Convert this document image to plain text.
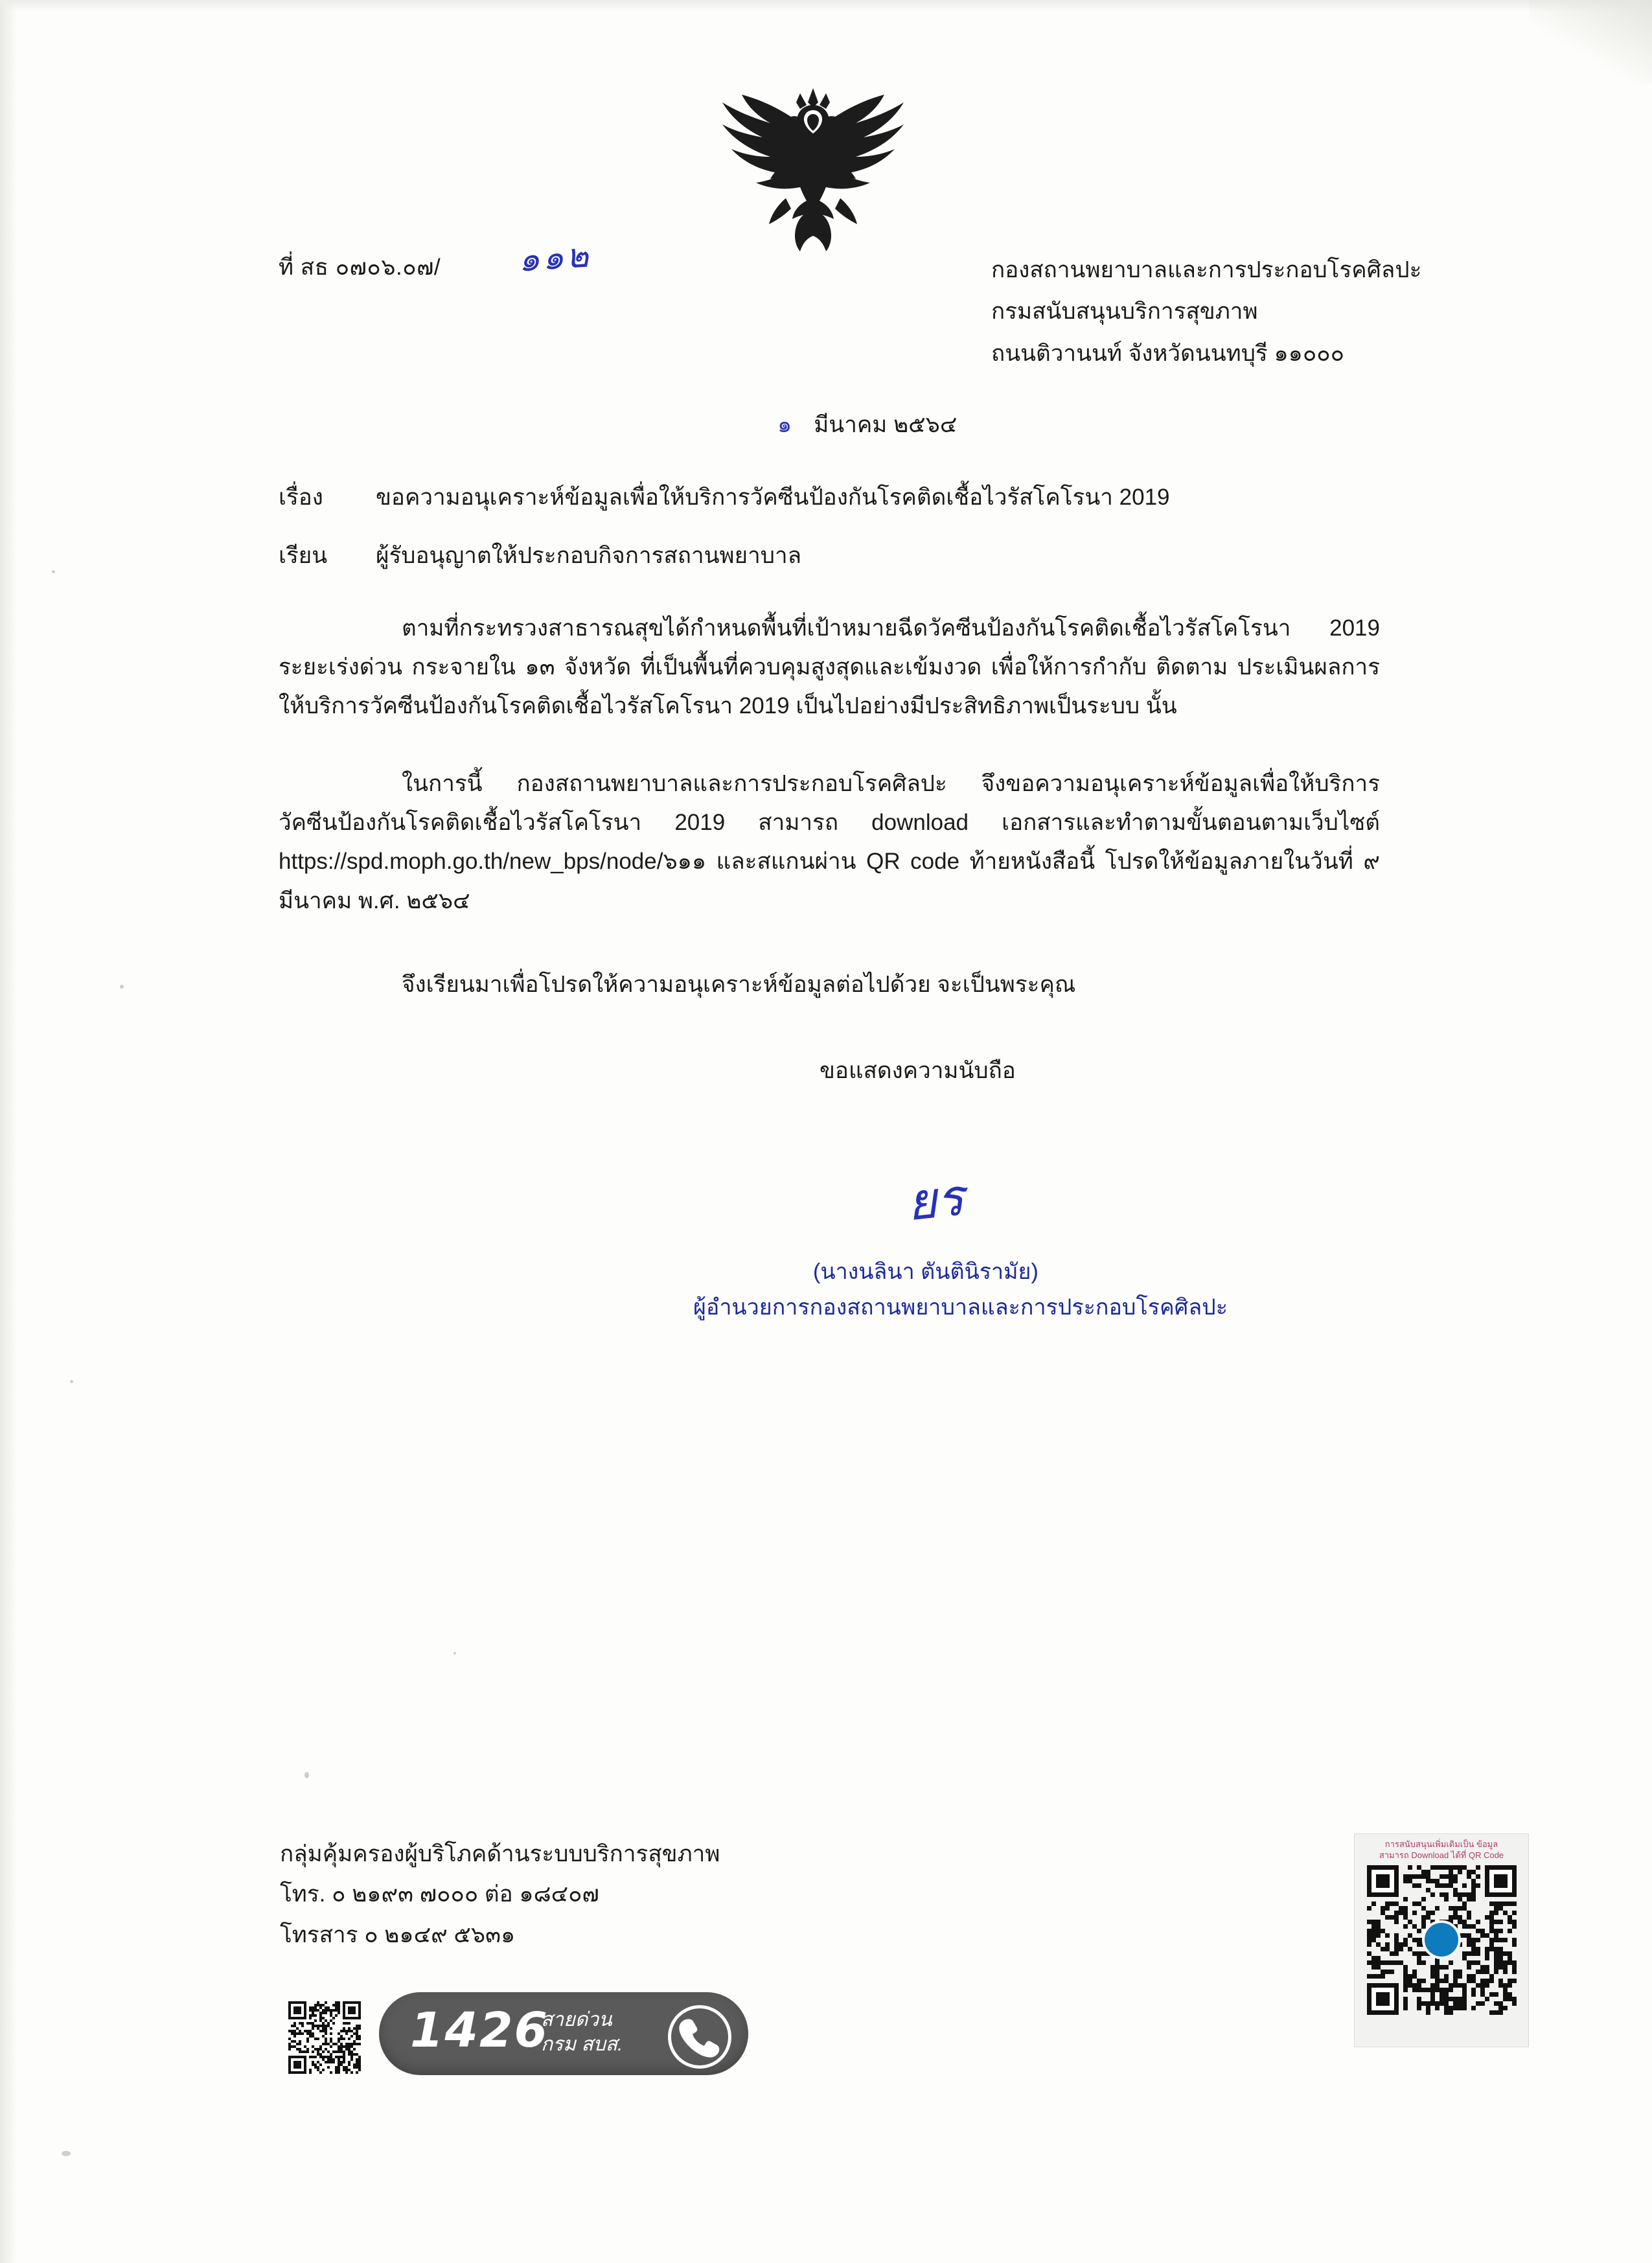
ที่ สธ ๐๗๐๖.๐๗/ ๑๑๒	กองสถานพยาบาลและการประกอบโรคศิลปะ
กรมสนับสนุนบริการสุขภาพ
ถนนติวานนท์ จังหวัดนนทบุรี ๑๑๐๐๐
๑ มีนาคม ๒๕๖๔
เรื่อง ขอความอนุเคราะห์ข้อมูลเพื่อให้บริการวัคซีนป้องกันโรคติดเชื้อไวรัสโคโรนา 2019
เรียน ผู้รับอนุญาตให้ประกอบกิจการสถานพยาบาล
ตามที่กระทรวงสาธารณสุขได้กำหนดพื้นที่เป้าหมายฉีดวัคซีนป้องกันโรคติดเชื้อไวรัสโคโรนา 2019 ระยะเร่งด่วน กระจายใน ๑๓ จังหวัด ที่เป็นพื้นที่ควบคุมสูงสุดและเข้มงวด เพื่อให้การกำกับ ติดตาม ประเมินผลการให้บริการวัคซีนป้องกันโรคติดเชื้อไวรัสโคโรนา 2019 เป็นไปอย่างมีประสิทธิภาพเป็นระบบ นั้น
ในการนี้ กองสถานพยาบาลและการประกอบโรคศิลปะ จึงขอความอนุเคราะห์ข้อมูลเพื่อให้บริการวัคซีนป้องกันโรคติดเชื้อไวรัสโคโรนา 2019 สามารถ download เอกสารและทำตามขั้นตอนตามเว็บไซต์ https://spd.moph.go.th/new_bps/node/๖๑๑ และสแกนผ่าน QR code ท้ายหนังสือนี้ โปรดให้ข้อมูลภายในวันที่ ๙ มีนาคม พ.ศ. ๒๕๖๔
จึงเรียนมาเพื่อโปรดให้ความอนุเคราะห์ข้อมูลต่อไปด้วย จะเป็นพระคุณ
ขอแสดงความนับถือ
ยร
(นางนลินา ตันตินิรามัย)
ผู้อำนวยการกองสถานพยาบาลและการประกอบโรคศิลปะ
กลุ่มคุ้มครองผู้บริโภคด้านระบบบริการสุขภาพ
โทร. ๐ ๒๑๙๓ ๗๐๐๐ ต่อ ๑๘๔๐๗
โทรสาร ๐ ๒๑๔๙ ๕๖๓๑
1426
สายด่วน
กรม สบส.
การสนับสนุนเพิ่มเติมเป็น ข้อมูล
สามารถ Download ได้ที่ QR Code
